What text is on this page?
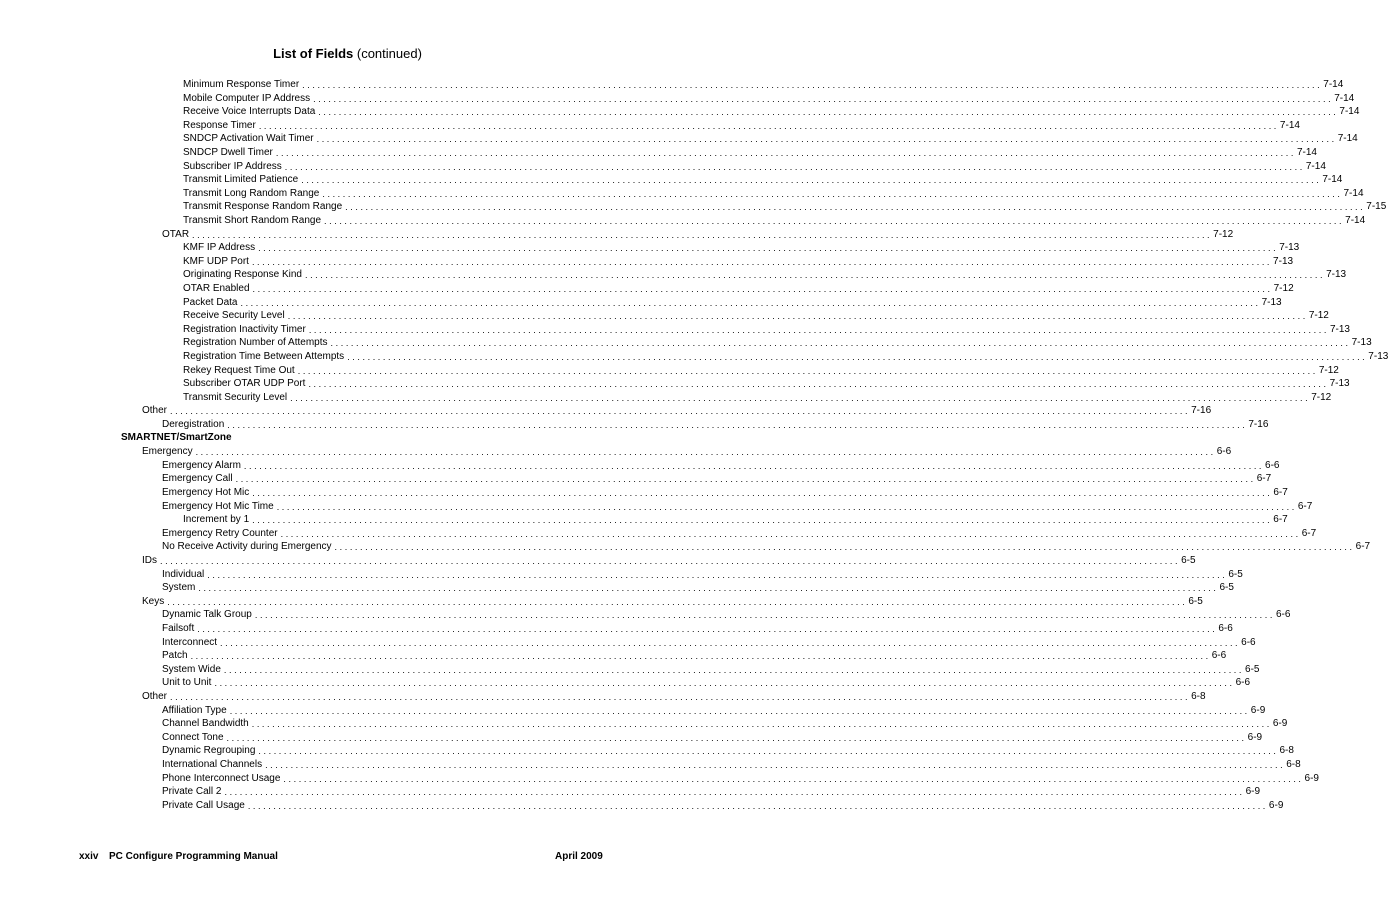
List of Fields (continued)
Minimum Response Timer ........................................................................................................................................................................................................ 7-14
Mobile Computer IP Address ........................................................................................................................................................................................................ 7-14
Receive Voice Interrupts Data ........................................................................................................................................................................................................ 7-14
Response Timer ........................................................................................................................................................................................................ 7-14
SNDCP Activation Wait Timer ........................................................................................................................................................................................................ 7-14
SNDCP Dwell Timer ........................................................................................................................................................................................................ 7-14
Subscriber IP Address ........................................................................................................................................................................................................ 7-14
Transmit Limited Patience ........................................................................................................................................................................................................ 7-14
Transmit Long Random Range ........................................................................................................................................................................................................ 7-14
Transmit Response Random Range ........................................................................................................................................................................................................ 7-15
Transmit Short Random Range ........................................................................................................................................................................................................ 7-14
OTAR ........................................................................................................................................................................................................ 7-12
KMF IP Address ........................................................................................................................................................................................................ 7-13
KMF UDP Port ........................................................................................................................................................................................................ 7-13
Originating Response Kind ........................................................................................................................................................................................................ 7-13
OTAR Enabled ........................................................................................................................................................................................................ 7-12
Packet Data ........................................................................................................................................................................................................ 7-13
Receive Security Level ........................................................................................................................................................................................................ 7-12
Registration Inactivity Timer ........................................................................................................................................................................................................ 7-13
Registration Number of Attempts ........................................................................................................................................................................................................ 7-13
Registration Time Between Attempts ........................................................................................................................................................................................................ 7-13
Rekey Request Time Out ........................................................................................................................................................................................................ 7-12
Subscriber OTAR UDP Port ........................................................................................................................................................................................................ 7-13
Transmit Security Level ........................................................................................................................................................................................................ 7-12
Other ........................................................................................................................................................................................................ 7-16
Deregistration ........................................................................................................................................................................................................ 7-16
SMARTNET/SmartZone
Emergency ........................................................................................................................................................................................................ 6-6
Emergency Alarm ........................................................................................................................................................................................................ 6-6
Emergency Call ........................................................................................................................................................................................................ 6-7
Emergency Hot Mic ........................................................................................................................................................................................................ 6-7
Emergency Hot Mic Time ........................................................................................................................................................................................................ 6-7
Increment by 1 ........................................................................................................................................................................................................ 6-7
Emergency Retry Counter ........................................................................................................................................................................................................ 6-7
No Receive Activity during Emergency ........................................................................................................................................................................................................ 6-7
IDs ........................................................................................................................................................................................................ 6-5
Individual ........................................................................................................................................................................................................ 6-5
System ........................................................................................................................................................................................................ 6-5
Keys ........................................................................................................................................................................................................ 6-5
Dynamic Talk Group ........................................................................................................................................................................................................ 6-6
Failsoft ........................................................................................................................................................................................................ 6-6
Interconnect ........................................................................................................................................................................................................ 6-6
Patch ........................................................................................................................................................................................................ 6-6
System Wide ........................................................................................................................................................................................................ 6-5
Unit to Unit ........................................................................................................................................................................................................ 6-6
Other ........................................................................................................................................................................................................ 6-8
Affiliation Type ........................................................................................................................................................................................................ 6-9
Channel Bandwidth ........................................................................................................................................................................................................ 6-9
Connect Tone ........................................................................................................................................................................................................ 6-9
Dynamic Regrouping ........................................................................................................................................................................................................ 6-8
International Channels ........................................................................................................................................................................................................ 6-8
Phone Interconnect Usage ........................................................................................................................................................................................................ 6-9
Private Call 2 ........................................................................................................................................................................................................ 6-9
Private Call Usage ........................................................................................................................................................................................................ 6-9
xxiv PC Configure Programming Manual	April 2009
